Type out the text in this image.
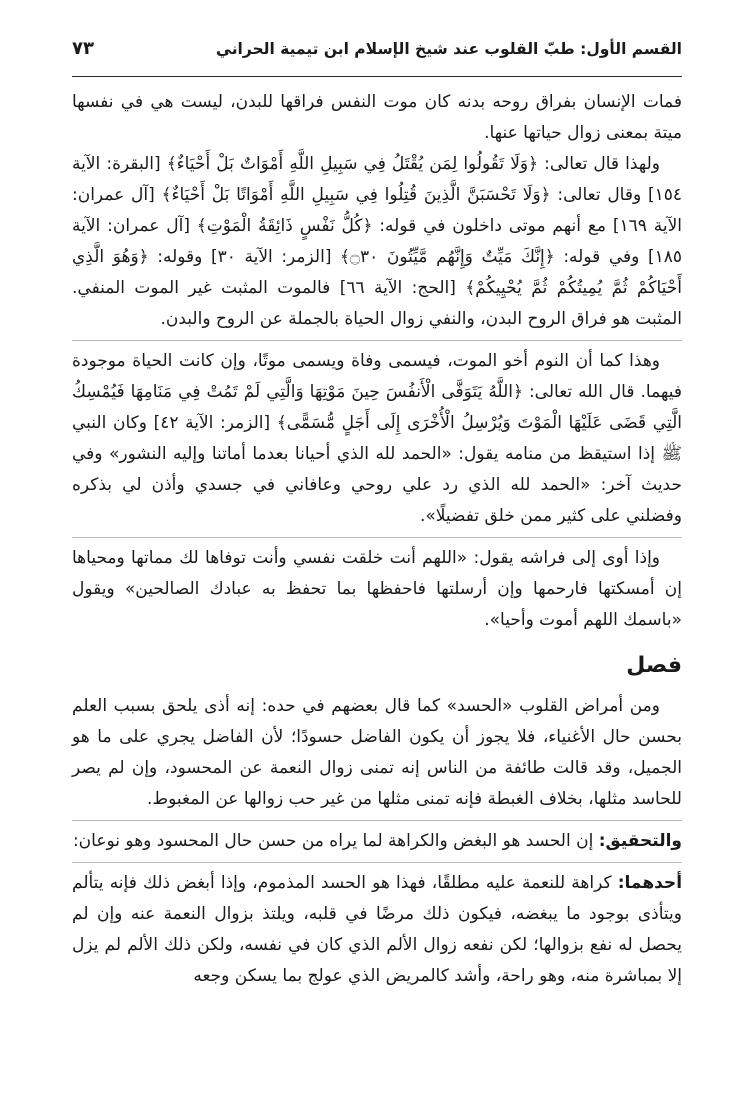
القسم الأول: طبّ القلوب عند شيخ الإسلام ابن تيمية الحراني
٧٣

فمات الإنسان بفراق روحه بدنه كان موت النفس فراقها للبدن، ليست هي في نفسها ميتة بمعنى زوال حياتها عنها.

ولهذا قال تعالى: ﴿وَلَا تَقُولُوا لِمَن يُقْتَلُ فِي سَبِيلِ اللَّهِ أَمْوَاتٌ بَلْ أَحْيَاءٌ﴾ [البقرة: الآية ١٥٤] وقال تعالى: ﴿وَلَا تَحْسَبَنَّ الَّذِينَ قُتِلُوا فِي سَبِيلِ اللَّهِ أَمْوَاتًا بَلْ أَحْيَاءٌ﴾ [آل عمران: الآية ١٦٩] مع أنهم موتى داخلون في قوله: ﴿كُلُّ نَفْسٍ ذَائِقَةُ الْمَوْتِ﴾ [آل عمران: الآية ١٨٥] وفي قوله: ﴿إِنَّكَ مَيِّتٌ وَإِنَّهُم مَّيِّتُونَ ۝٣٠﴾ [الزمر: الآية ٣٠] وقوله: ﴿وَهُوَ الَّذِي أَحْيَاكُمْ ثُمَّ يُمِيتُكُمْ ثُمَّ يُحْيِيكُمْ﴾ [الحج: الآية ٦٦] فالموت المثبت غير الموت المنفي. المثبت هو فراق الروح البدن، والنفي زوال الحياة بالجملة عن الروح والبدن.

وهذا كما أن النوم أخو الموت، فيسمى وفاة ويسمى موتًا، وإن كانت الحياة موجودة فيهما. قال الله تعالى: ﴿اللَّهُ يَتَوَفَّى الْأَنفُسَ حِينَ مَوْتِهَا وَالَّتِي لَمْ تَمُتْ فِي مَنَامِهَا فَيُمْسِكُ الَّتِي قَضَى عَلَيْهَا الْمَوْتَ وَيُرْسِلُ الْأُخْرَى إِلَى أَجَلٍ مُّسَمًّى﴾ [الزمر: الآية ٤٢] وكان النبي ﷺ إذا استيقظ من منامه يقول: «الحمد لله الذي أحيانا بعدما أماتنا وإليه النشور» وفي حديث آخر: «الحمد لله الذي رد علي روحي وعافاني في جسدي وأذن لي بذكره وفضلني على كثير ممن خلق تفضيلًا».

وإذا أوى إلى فراشه يقول: «اللهم أنت خلقت نفسي وأنت توفاها لك مماتها ومحياها إن أمسكتها فارحمها وإن أرسلتها فاحفظها بما تحفظ به عبادك الصالحين» ويقول «باسمك اللهم أموت وأحيا».

فصل

ومن أمراض القلوب «الحسد» كما قال بعضهم في حده: إنه أذى يلحق بسبب العلم بحسن حال الأغنياء، فلا يجوز أن يكون الفاضل حسودًا؛ لأن الفاضل يجري على ما هو الجميل، وقد قالت طائفة من الناس إنه تمنى زوال النعمة عن المحسود، وإن لم يصر للحاسد مثلها، بخلاف الغبطة فإنه تمنى مثلها من غير حب زوالها عن المغبوط.

والتحقيق: إن الحسد هو البغض والكراهة لما يراه من حسن حال المحسود وهو نوعان:

أحدهما: كراهة للنعمة عليه مطلقًا، فهذا هو الحسد المذموم، وإذا أبغض ذلك فإنه يتألم ويتأذى بوجود ما يبغضه، فيكون ذلك مرضًا في قلبه، ويلتذ بزوال النعمة عنه وإن لم يحصل له نفع بزوالها؛ لكن نفعه زوال الألم الذي كان في نفسه، ولكن ذلك الألم لم يزل إلا بمباشرة منه، وهو راحة، وأشد كالمريض الذي عولج بما يسكن وجعه
